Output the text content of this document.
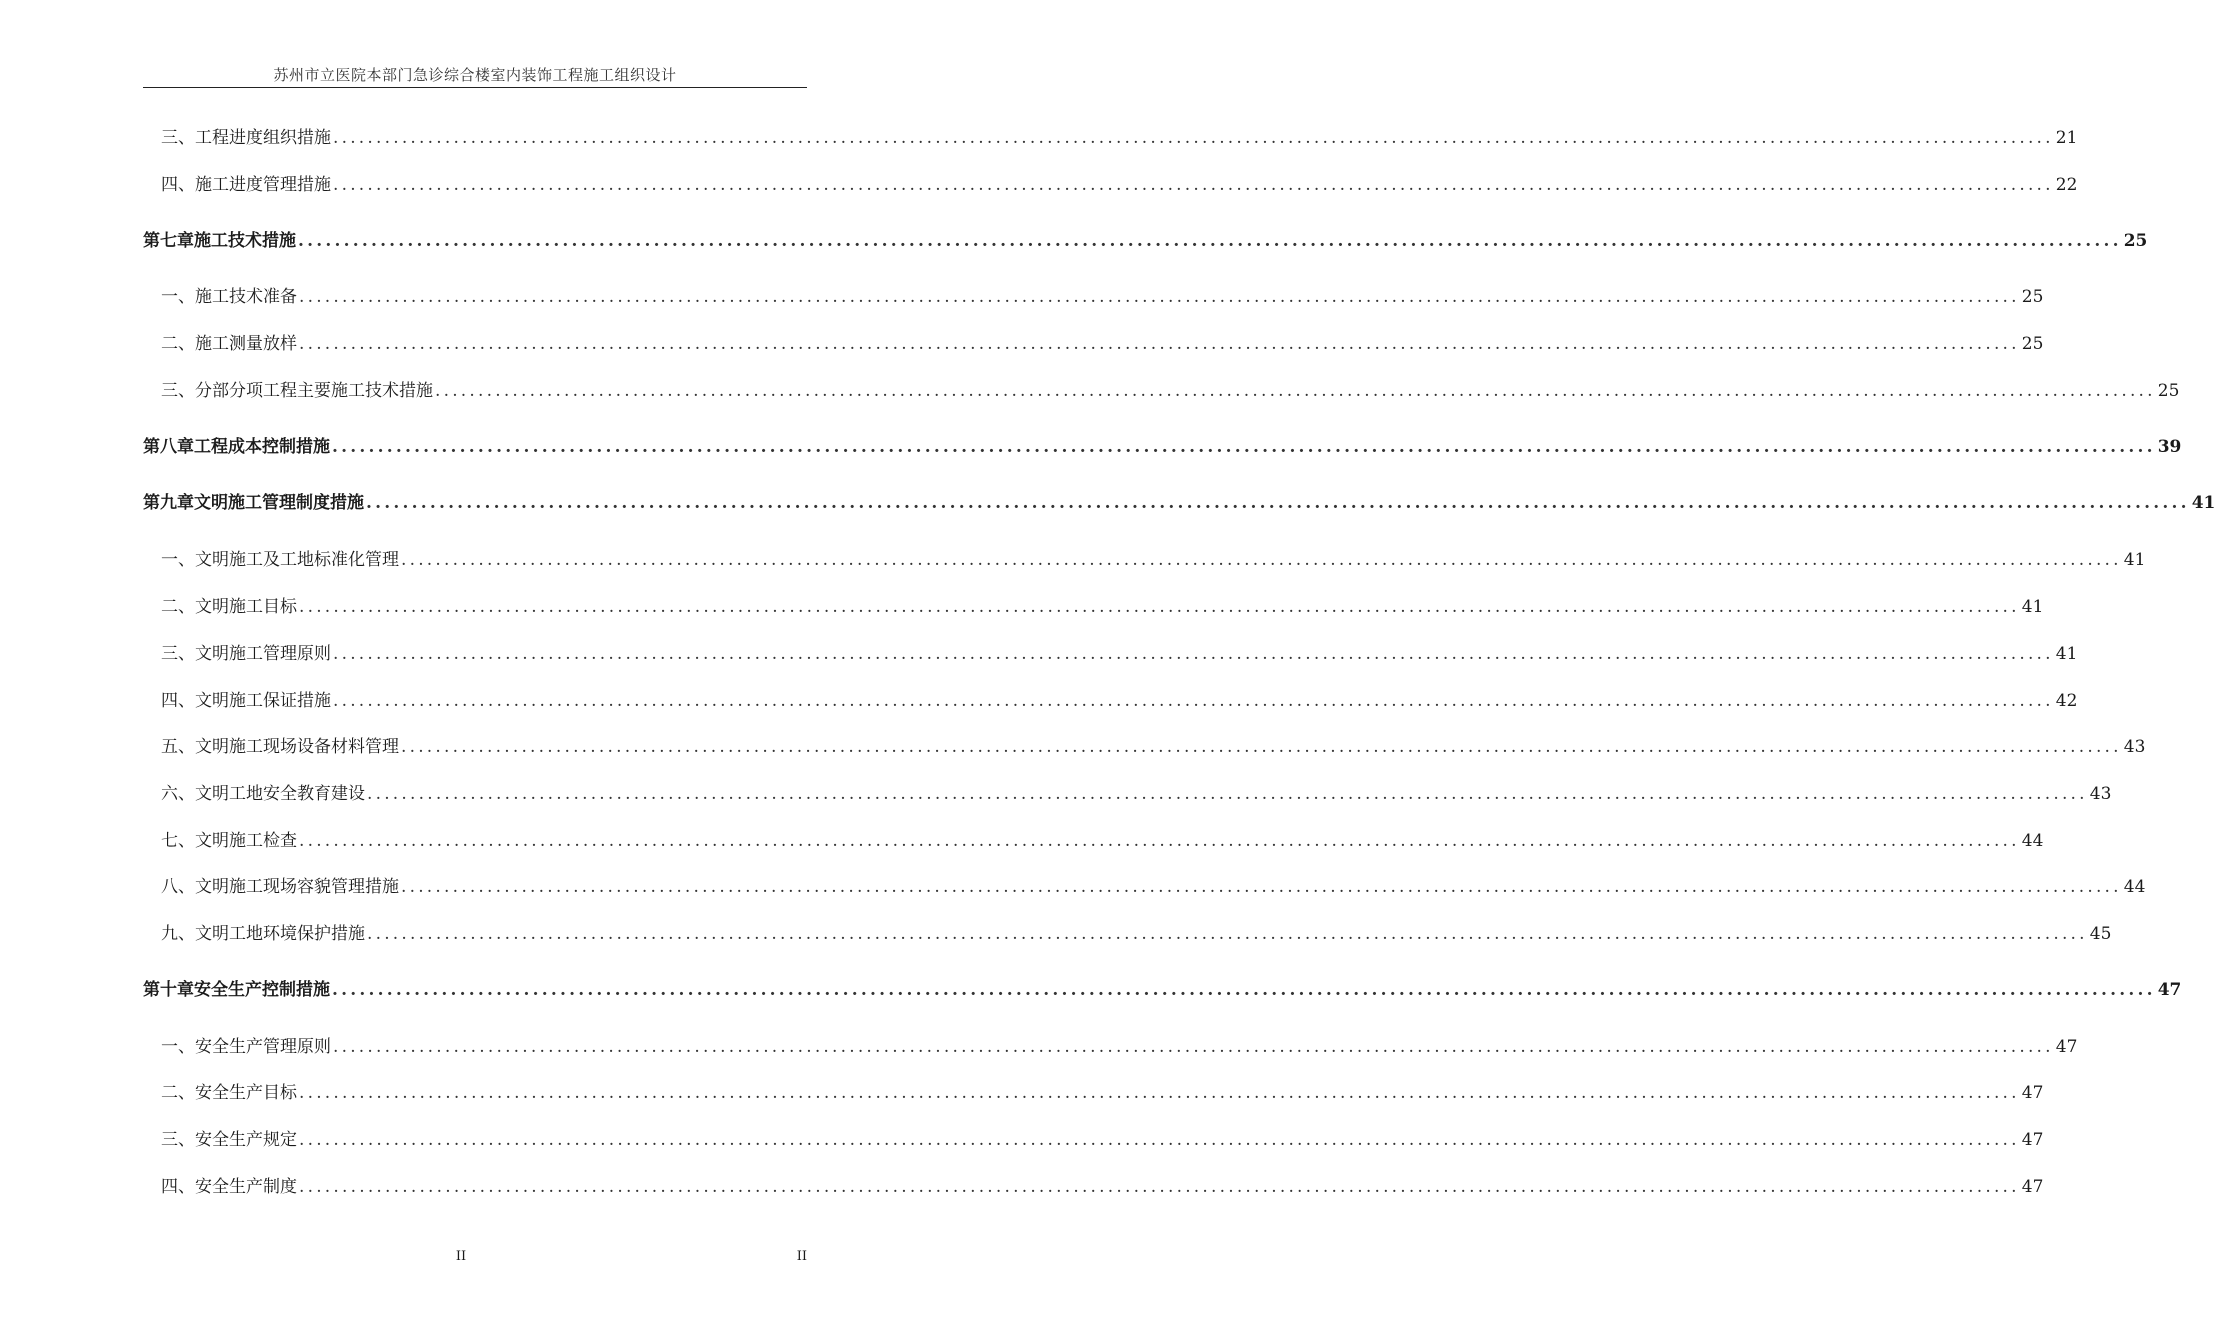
苏州市立医院本部门急诊综合楼室内装饰工程施工组织设计
三、 工程进度组织措施 ........................................................................................................................................................................................................ 21
四、 施工进度管理措施 ........................................................................................................................................................................................................ 22
第七章 施工技术措施 ........................................................................................................................................................................................................ 25
一、 施工技术准备 ........................................................................................................................................................................................................ 25
二、 施工测量放样 ........................................................................................................................................................................................................ 25
三、 分部分项工程主要施工技术措施 ........................................................................................................................................................................................................ 25
第八章 工程成本控制措施 ........................................................................................................................................................................................................ 39
第九章 文明施工管理制度措施 ........................................................................................................................................................................................................ 41
一、 文明施工及工地标准化管理 ........................................................................................................................................................................................................ 41
二、 文明施工目标 ........................................................................................................................................................................................................ 41
三、 文明施工管理原则 ........................................................................................................................................................................................................ 41
四、 文明施工保证措施 ........................................................................................................................................................................................................ 42
五、 文明施工现场设备材料管理 ........................................................................................................................................................................................................ 43
六、 文明工地安全教育建设 ........................................................................................................................................................................................................ 43
七、 文明施工检查 ........................................................................................................................................................................................................ 44
八、 文明施工现场容貌管理措施 ........................................................................................................................................................................................................ 44
九、 文明工地环境保护措施 ........................................................................................................................................................................................................ 45
第十章 安全生产控制措施 ........................................................................................................................................................................................................ 47
一、 安全生产管理原则 ........................................................................................................................................................................................................ 47
二、 安全生产目标 ........................................................................................................................................................................................................ 47
三、 安全生产规定 ........................................................................................................................................................................................................ 47
四、 安全生产制度 ........................................................................................................................................................................................................ 47
II	II
